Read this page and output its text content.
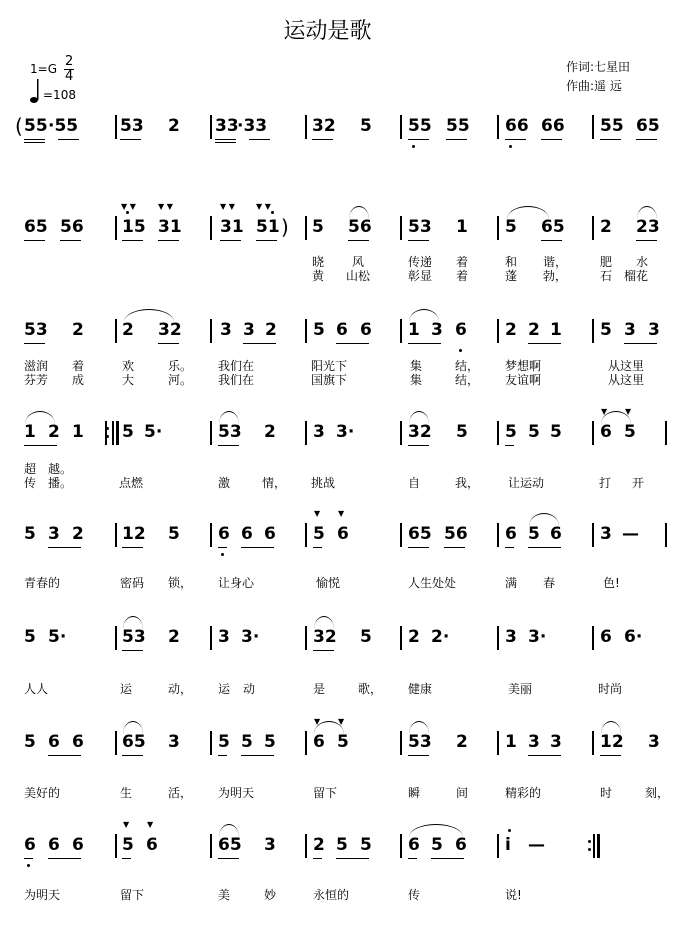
运动是歌
1=G 2
4
=108
作词:七星田
作曲:遥 远
( 55 ·55 53 2 33
·33	32 5 55 55 66 66 55 65
65 56 15 31
▼ ▼	▼ ▼
31 51
▼ ▼	▼ ▼
) 5 56 53 1 5 65 2 23
晓 风	传递 着	和 谐，	肥 水
黄 山松	彰显 着	蓬 勃，	石 榴花
53 2 2 32 3 3 2 5 6 6 1 3 6 2 2 1 5 3 3
滋润 着	欢	乐。 我们在	阳光下	集	结， 梦想啊	从这里
芬芳 成	大	河。 我们在	国旗下	集	结， 友谊啊	从这里
1 2 1 5 5·	53 2 3 3·	32 5 5 5 5 6 5
▼ ▼
超 越。
传 播。	点燃	激	情， 挑战	自	我， 让运动	打 开
5 3 2 12 5 6 6 6 5 6
▼ ▼
65 56 6 5 6 3 —
青春的	密码 锁， 让身心	愉悦	人生处处	满 春	色!
5 5·	53 2 3 3·	32 5 2 2·	3 3·	6 6·
人人	运	动， 运 动	是	歌， 健康	美丽	时尚
5 6 6 65 3 5 5 5 6 5
▼ ▼
53 2 1 3 3 12 3
美好的	生	活， 为明天	留下	瞬	间	精彩的	时	刻，
6 6 6 5 6
▼ ▼
65 3 2 5 5 6 5 6 i —
为明天	留下	美	妙	永恒的	传	说!
